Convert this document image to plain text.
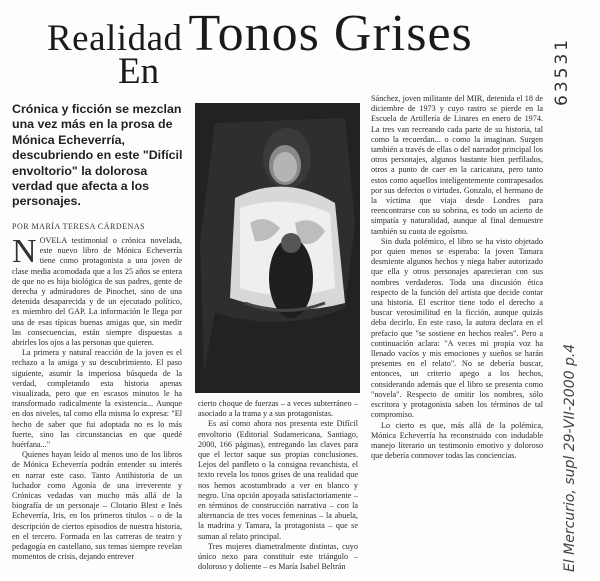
Realidad Tonos Grises
En
Crónica y ficción se mezclan una vez más en la prosa de Mónica Echeverría, descubriendo en este "Difícil envoltorio" la dolorosa verdad que afecta a los personajes.
POR MARÍA TERESA CÁRDENAS

NOVELA testimonial o crónica novelada, este nuevo libro de Mónica Echeverría tiene como protagonista a una joven de clase media acomodada que a los 25 años se entera de que no es hija biológica de sus padres, gente de derecha y admiradores de Pinochet, sino de una detenida desaparecida y de un ejecutado político, ex miembro del GAP. La información le llega por una de esas típicas buenas amigas que, sin medir las consecuencias, están siempre dispuestas a abrirles los ojos a las personas que quieren.

La primera y natural reacción de la joven es el rechazo a la amiga y su descubrimiento. El paso siguiente, asumir la imperiosa búsqueda de la verdad, completando esta historia apenas visualizada, pero que en escasos minutos le ha transformado radicalmente la existencia... Aunque en dos niveles, tal como ella misma lo expresa: "El hecho de saber que fui adoptada no es lo más fuerte, sino las circunstancias en que quedé huérfana..."

Quienes hayan leído al menos uno de los libros de Mónica Echeverría podrán entender su interés en narrar este caso. Tanto Antihistoria de un luchador como Agonía de una irreverente y Crónicas vedadas van mucho más allá de la biografía de un personaje – Clotario Blest e Inés Echeverría, Iris, en los primeros títulos – o de la descripción de ciertos episodios de nuestra historia, en el tercero. Formada en las carreras de teatro y pedagogía en castellano, sus temas siempre revelan momentos de crisis, dejando entrever

cierto choque de fuerzas – a veces subterráneo – asociado a la trama y a sus protagonistas.

Es así como ahora nos presenta este Difícil envoltorio (Editorial Sudamericana, Santiago, 2000, 166 páginas), entregando las claves para que el lector saque sus propias conclusiones. Lejos del panfleto o la consigna revanchista, el texto revela los tonos grises de una realidad que nos hemos acostumbrado a ver en blanco y negro. Una opción apoyada satisfactoriamente – en términos de construcción narrativa – con la alternancia de tres voces femeninas – la abuela, la madrina y Tamara, la protagonista – que se suman al relato principal.

Tres mujeres diametralmente distintas, cuyo único nexo para constituir este triángulo – doloroso y doliente – es María Isabel Beltrán

Sánchez, joven militante del MIR, detenida el 18 de diciembre de 1973 y cuyo rastro se pierde en la Escuela de Artillería de Linares en enero de 1974. La tres van recreando cada parte de su historia, tal como la recuerdan... o como la imaginan. Surgen también a través de ellas o del narrador principal los otros personajes, algunos bastante bien perfilados, otros a punto de caer en la caricatura, pero tanto estos como aquellos inteligentemente contrapesados por sus defectos o virtudes. Gonzalo, el hermano de la víctima que viaja desde Londres para reencontrarse con su sobrina, es todo un acierto de simpatía y naturalidad, aunque al final demuestre también su cuota de egoísmo.

Sin duda polémico, el libro se ha visto objetado por quien menos se esperaba: la joven Tamara desmiente algunos hechos y niega haber autorizado que ella y otros personajes aparecieran con sus nombres verdaderos. Toda una discusión ética respecto de la función del artista que decide contar una historia. El escritor tiene todo el derecho a buscar verosimilitud en la ficción, aunque quizás deba decirlo. En este caso, la autora declara en el prefacio que "se sostiene en hechos reales". Pero a continuación aclara: "A veces mi propia voz ha llenado vacíos y mis emociones y sueños se harán presentes en el relato". No se debería buscar, entonces, un criterio apego a los hechos, considerando además que el libro se presenta como "novela". Respecto de omitir los nombres, sólo escritora y protagonista saben los términos de tal compromiso.

Lo cierto es que, más allá de la polémica, Mónica Echeverría ha reconstruido con indudable manejo literario un testimonio emotivo y doloroso que debería conmover todas las conciencias.

63531
El Mercurio, supl 29-VII-2000 p.4
